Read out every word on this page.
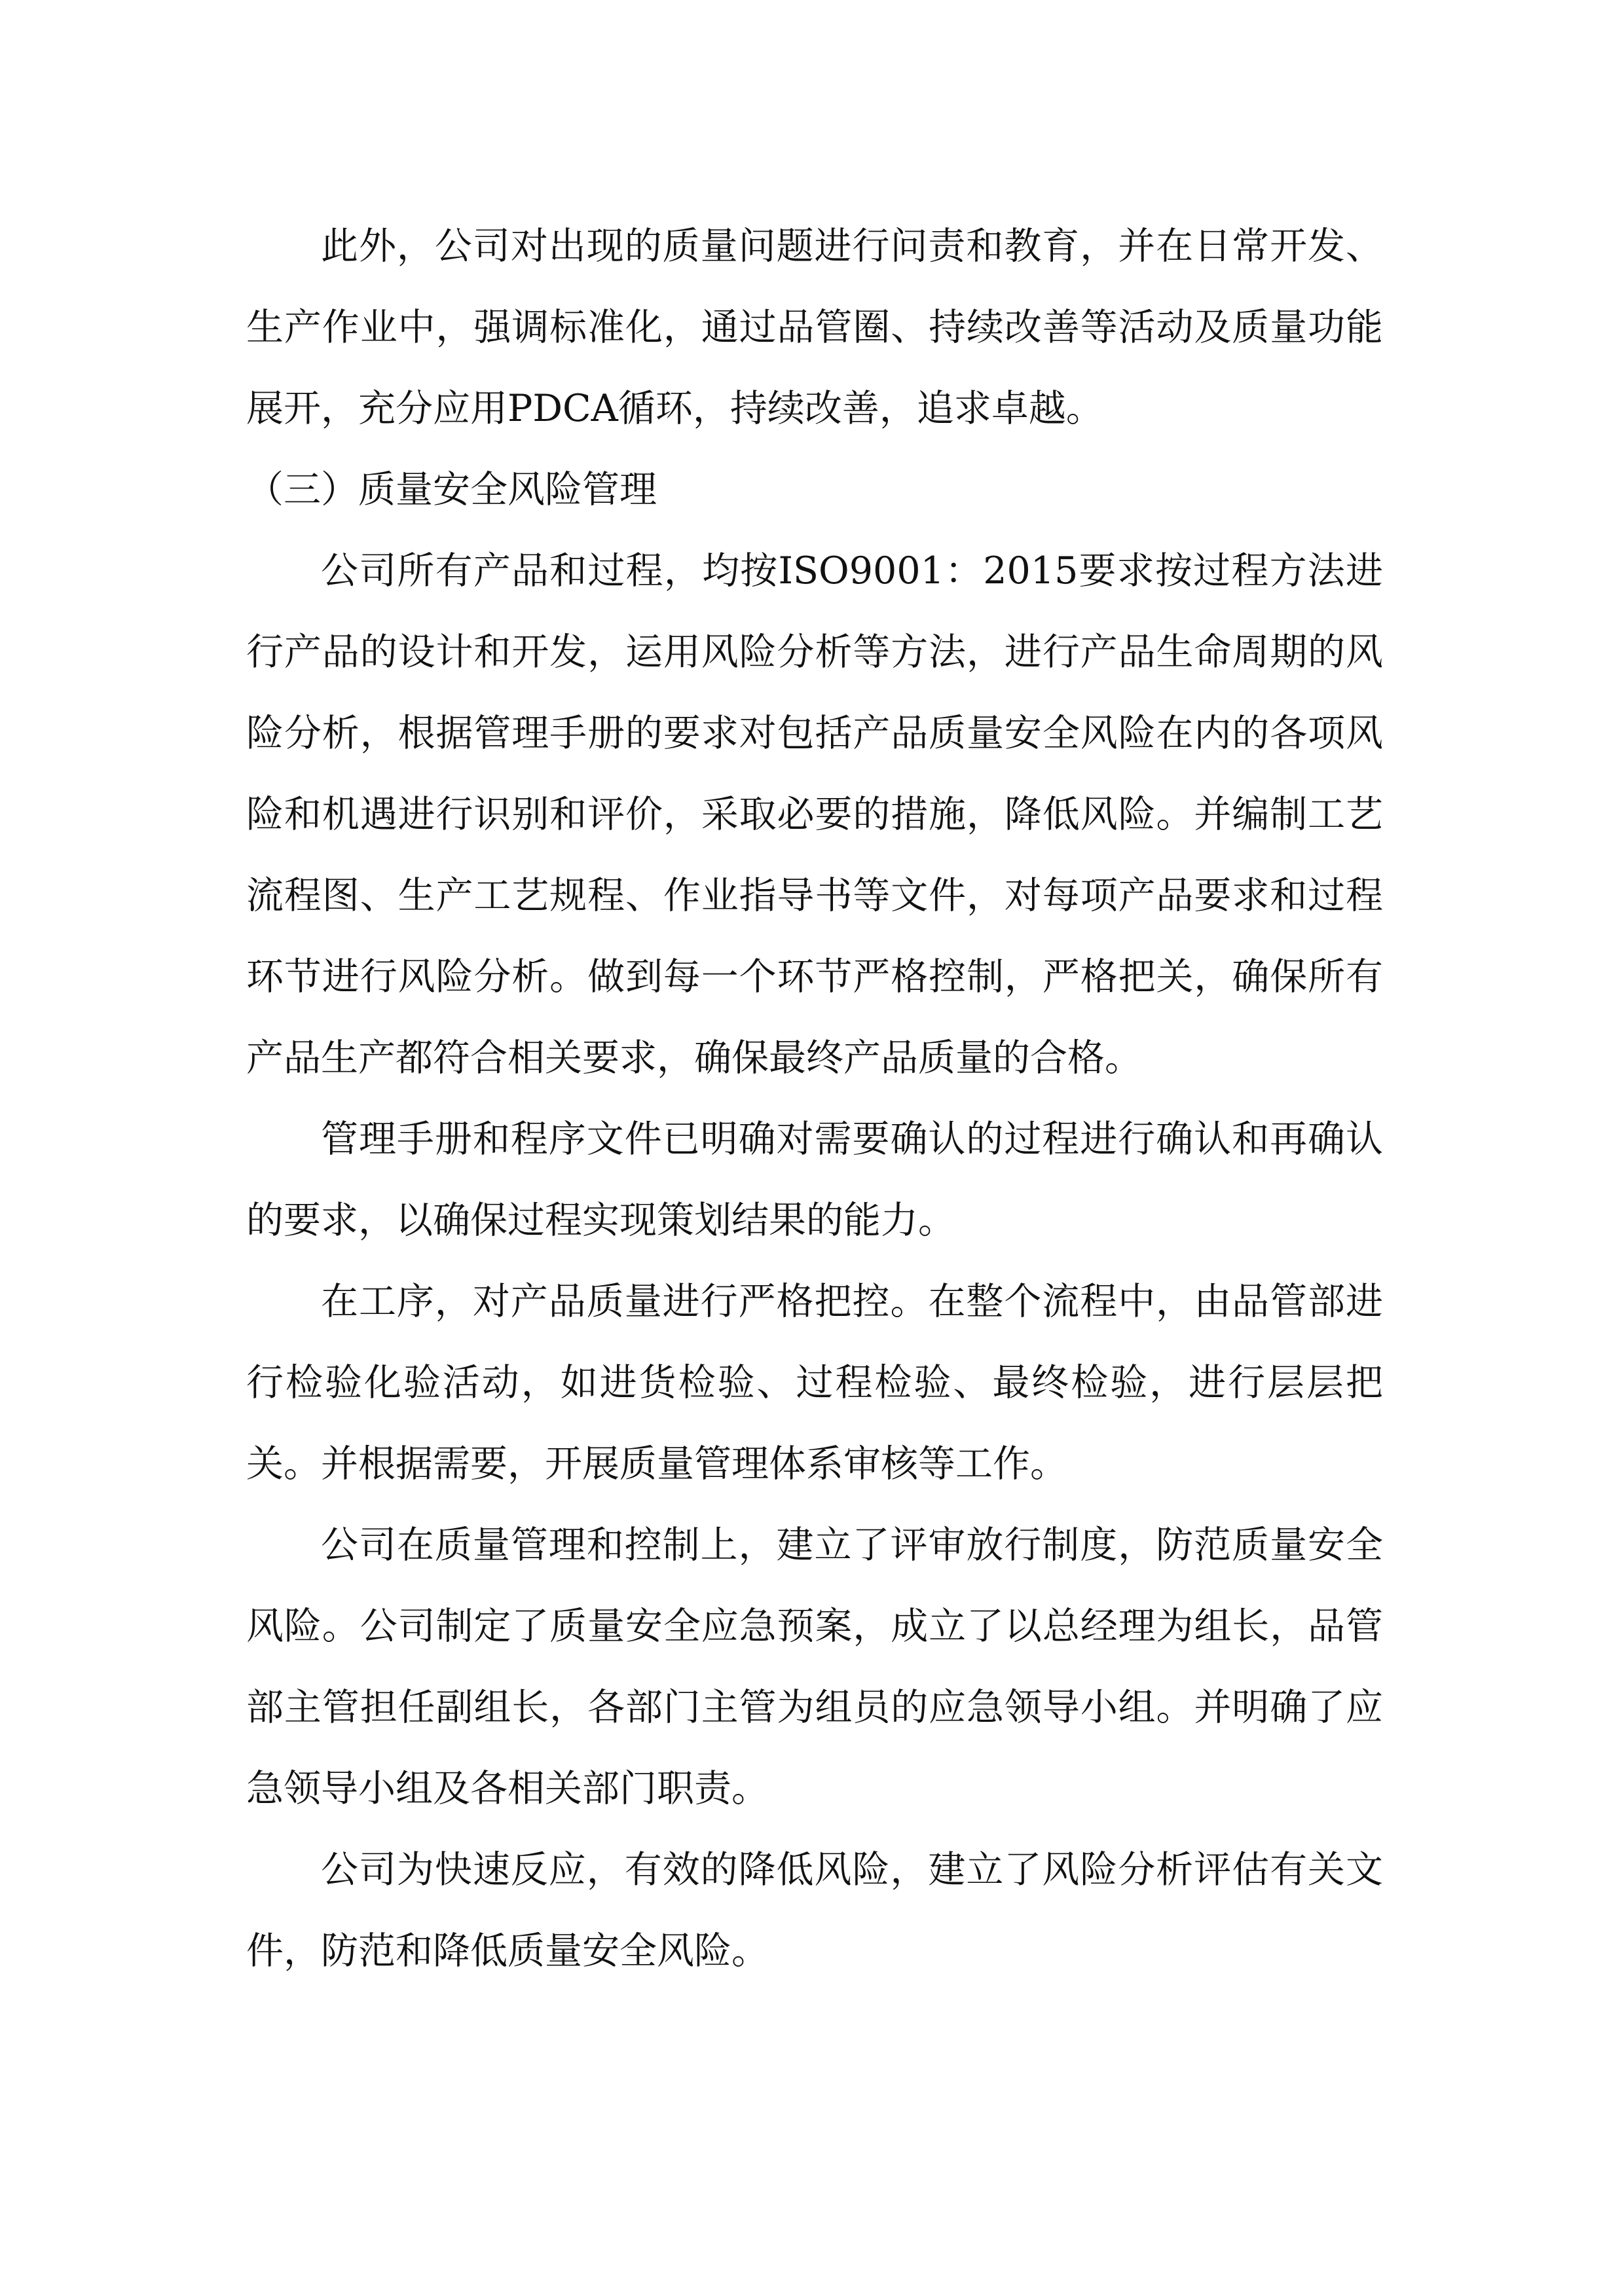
此外，公司对出现的质量问题进行问责和教育，并在日常开发、生产作业中，强调标准化，通过品管圈、持续改善等活动及质量功能展开，充分应用PDCA循环，持续改善，追求卓越。

（三）质量安全风险管理

公司所有产品和过程，均按ISO9001：2015要求按过程方法进行产品的设计和开发，运用风险分析等方法，进行产品生命周期的风险分析，根据管理手册的要求对包括产品质量安全风险在内的各项风险和机遇进行识别和评价，采取必要的措施，降低风险。并编制工艺流程图、生产工艺规程、作业指导书等文件，对每项产品要求和过程环节进行风险分析。做到每一个环节严格控制，严格把关，确保所有产品生产都符合相关要求，确保最终产品质量的合格。

管理手册和程序文件已明确对需要确认的过程进行确认和再确认的要求，以确保过程实现策划结果的能力。

在工序，对产品质量进行严格把控。在整个流程中，由品管部进行检验化验活动，如进货检验、过程检验、最终检验，进行层层把关。并根据需要，开展质量管理体系审核等工作。

公司在质量管理和控制上，建立了评审放行制度，防范质量安全风险。公司制定了质量安全应急预案，成立了以总经理为组长，品管部主管担任副组长，各部门主管为组员的应急领导小组。并明确了应急领导小组及各相关部门职责。

公司为快速反应，有效的降低风险，建立了风险分析评估有关文件，防范和降低质量安全风险。
